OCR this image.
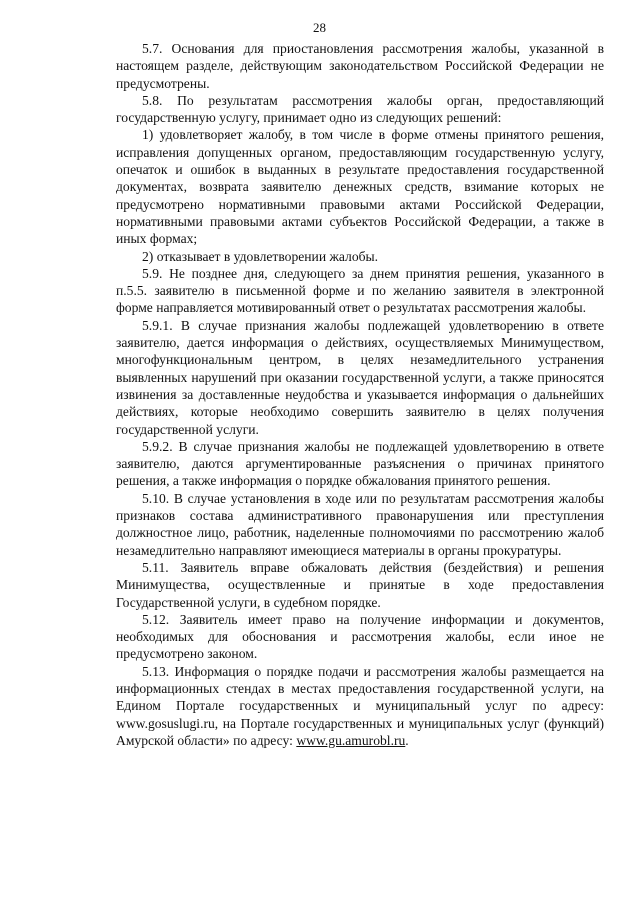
28

5.7. Основания для приостановления рассмотрения жалобы, указанной в настоящем разделе, действующим законодательством Российской Федерации не предусмотрены.

5.8. По результатам рассмотрения жалобы орган, предоставляющий государственную услугу, принимает одно из следующих решений:

1) удовлетворяет жалобу, в том числе в форме отмены принятого решения, исправления допущенных органом, предоставляющим государственную услугу, опечаток и ошибок в выданных в результате предоставления государственной документах, возврата заявителю денежных средств, взимание которых не предусмотрено нормативными правовыми актами Российской Федерации, нормативными правовыми актами субъектов Российской Федерации, а также в иных формах;

2) отказывает в удовлетворении жалобы.

5.9. Не позднее дня, следующего за днем принятия решения, указанного в п.5.5. заявителю в письменной форме и по желанию заявителя в электронной форме направляется мотивированный ответ о результатах рассмотрения жалобы.

5.9.1. В случае признания жалобы подлежащей удовлетворению в ответе заявителю, дается информация о действиях, осуществляемых Минимуществом, многофункциональным центром, в целях незамедлительного устранения выявленных нарушений при оказании государственной услуги, а также приносятся извинения за доставленные неудобства и указывается информация о дальнейших действиях, которые необходимо совершить заявителю в целях получения государственной услуги.

5.9.2. В случае признания жалобы не подлежащей удовлетворению в ответе заявителю, даются аргументированные разъяснения о причинах принятого решения, а также информация о порядке обжалования принятого решения.

5.10. В случае установления в ходе или по результатам рассмотрения жалобы признаков состава административного правонарушения или преступления должностное лицо, работник, наделенные полномочиями по рассмотрению жалоб незамедлительно направляют имеющиеся материалы в органы прокуратуры.

5.11. Заявитель вправе обжаловать действия (бездействия) и решения Минимущества, осуществленные и принятые в ходе предоставления Государственной услуги, в судебном порядке.

5.12. Заявитель имеет право на получение информации и документов, необходимых для обоснования и рассмотрения жалобы, если иное не предусмотрено законом.

5.13. Информация о порядке подачи и рассмотрения жалобы размещается на информационных стендах в местах предоставления государственной услуги, на Едином Портале государственных и муниципальный услуг по адресу: www.gosuslugi.ru, на Портале государственных и муниципальных услуг (функций) Амурской области» по адресу: www.gu.amurobl.ru.
